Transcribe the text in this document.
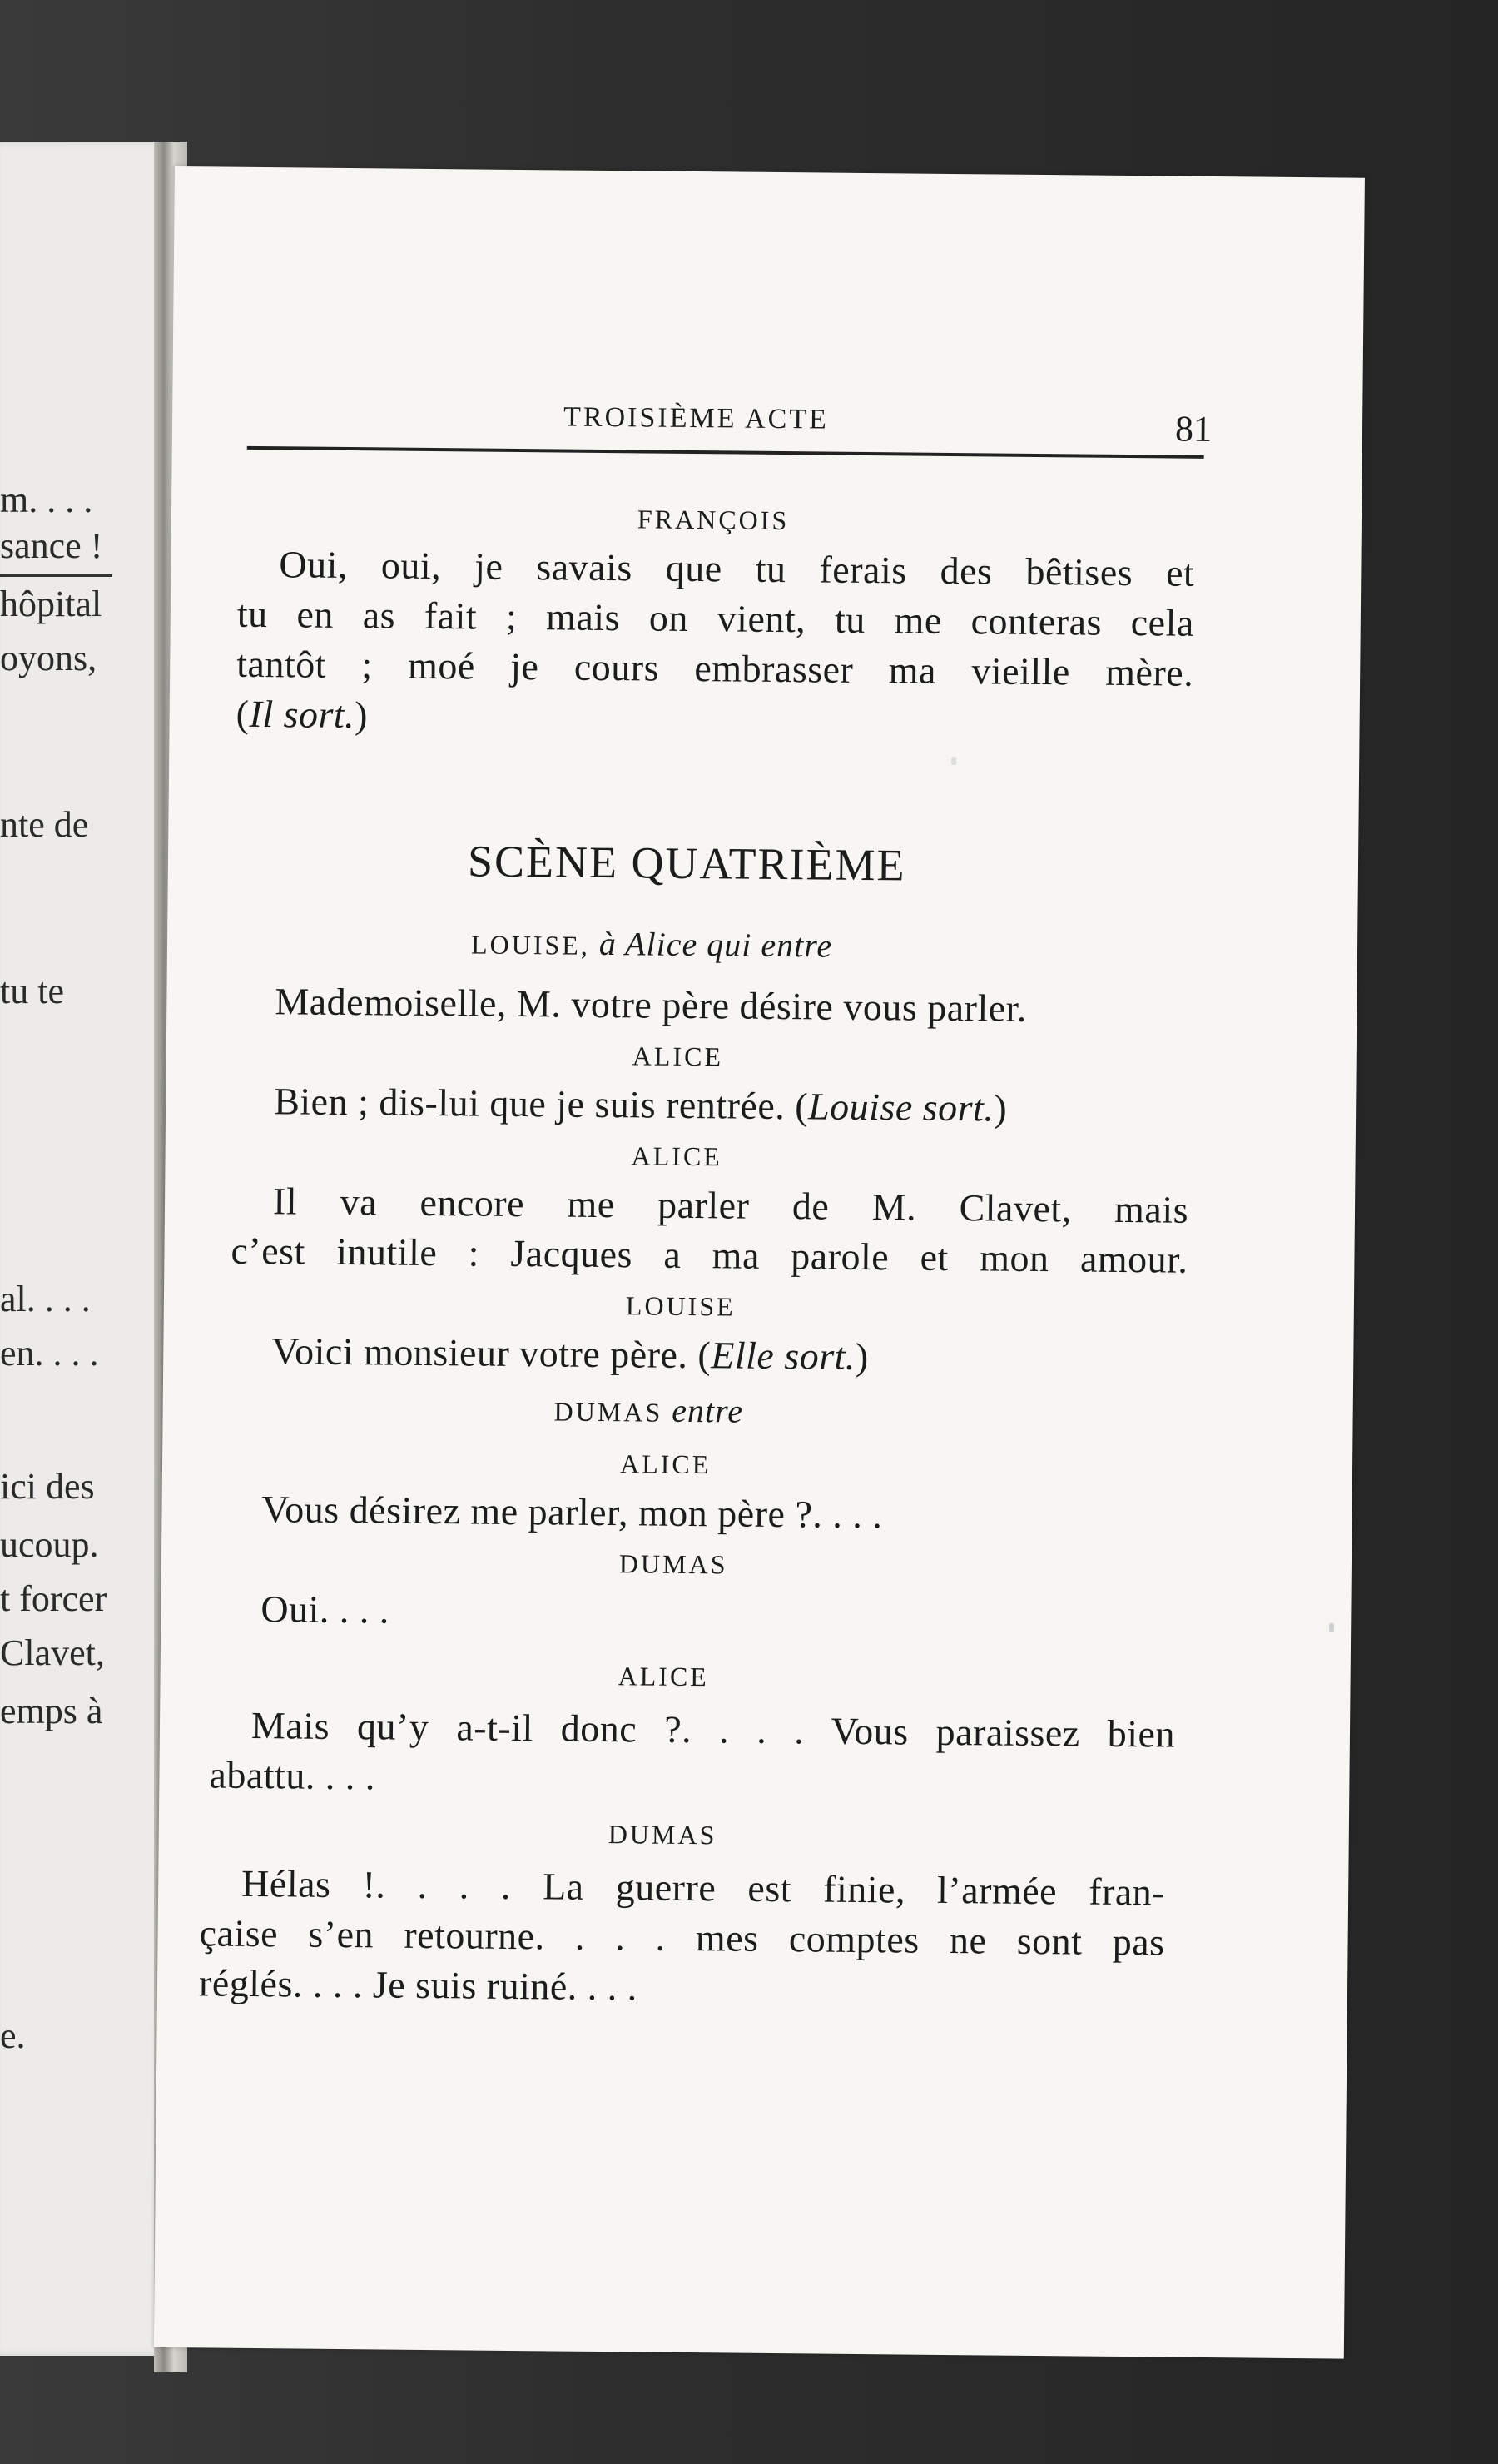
m. . . .
sance !
hôpital
oyons,
nte de
tu te
al. . . .
en. . . .
ici des
ucoup.
t forcer
Clavet,
emps à
e.
TROISIÈME ACTE	81
FRANÇOIS
Oui, oui, je savais que tu ferais des bêtises et
tu en as fait ; mais on vient, tu me conteras cela
tantôt ; moé je cours embrasser ma vieille mère.
(Il sort.)
SCÈNE QUATRIÈME
LOUISE, à Alice qui entre
Mademoiselle, M. votre père désire vous parler.
ALICE
Bien ; dis-lui que je suis rentrée. (Louise sort.)
ALICE
Il va encore me parler de M. Clavet, mais
c’est inutile : Jacques a ma parole et mon amour.
LOUISE
Voici monsieur votre père. (Elle sort.)
DUMAS entre
ALICE
Vous désirez me parler, mon père ?. . . .
DUMAS
Oui. . . .
ALICE
Mais qu’y a-t-il donc ?. . . . Vous paraissez bien
abattu. . . .
DUMAS
Hélas !. . . . La guerre est finie, l’armée fran-
çaise s’en retourne. . . . mes comptes ne sont pas
réglés. . . . Je suis ruiné. . . .
